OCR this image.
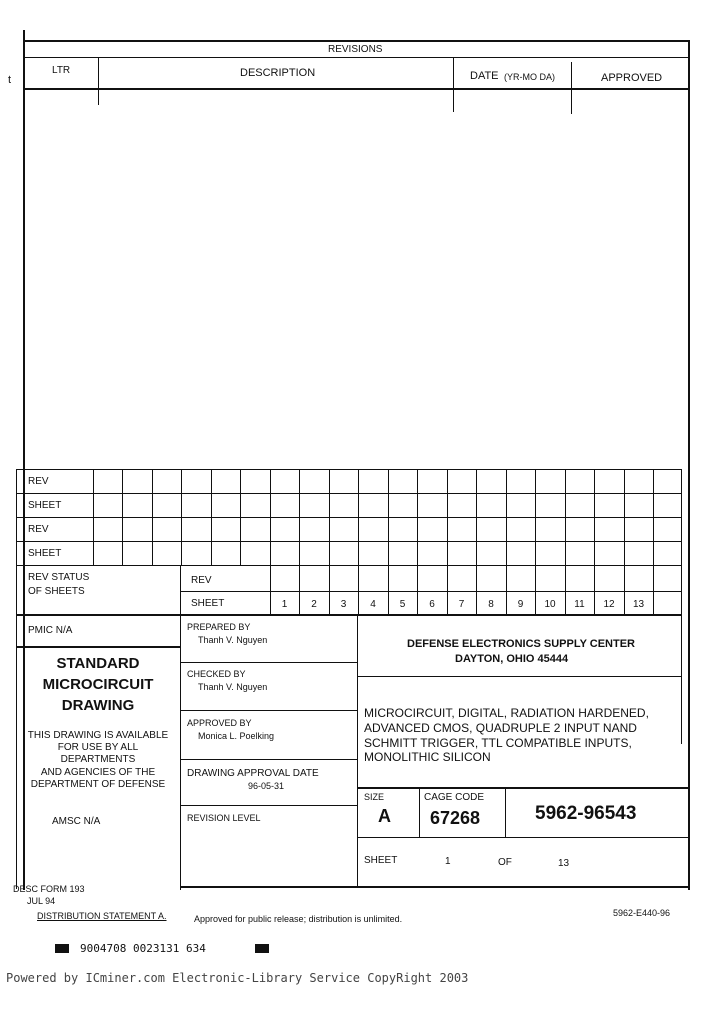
REVISIONS
LTR	DESCRIPTION	DATE (YR-MO DA)	APPROVED
t
REV
SHEET
REV
SHEET
REV STATUS
OF SHEETS
REV
SHEET	1	2	3	4	5	6	7	8	9	10	11	12	13
PMIC N/A
STANDARD
MICROCIRCUIT
DRAWING
THIS DRAWING IS AVAILABLE
FOR USE BY ALL
DEPARTMENTS
AND AGENCIES OF THE
DEPARTMENT OF DEFENSE
AMSC N/A
PREPARED BY
Thanh V. Nguyen
CHECKED BY
Thanh V. Nguyen
APPROVED BY
Monica L. Poelking
DRAWING APPROVAL DATE
96-05-31
REVISION LEVEL
DEFENSE ELECTRONICS SUPPLY CENTER
DAYTON, OHIO 45444
MICROCIRCUIT, DIGITAL, RADIATION HARDENED,
ADVANCED CMOS, QUADRUPLE 2 INPUT NAND
SCHMITT TRIGGER, TTL COMPATIBLE INPUTS,
MONOLITHIC SILICON
SIZE
A
CAGE CODE
67268	5962-96543
SHEET	1	OF	13
DESC FORM 193
JUL 94
DISTRIBUTION STATEMENT A.	Approved for public release; distribution is unlimited.
5962-E440-96
9004708 0023131 634
Powered by ICminer.com Electronic-Library Service CopyRight 2003
